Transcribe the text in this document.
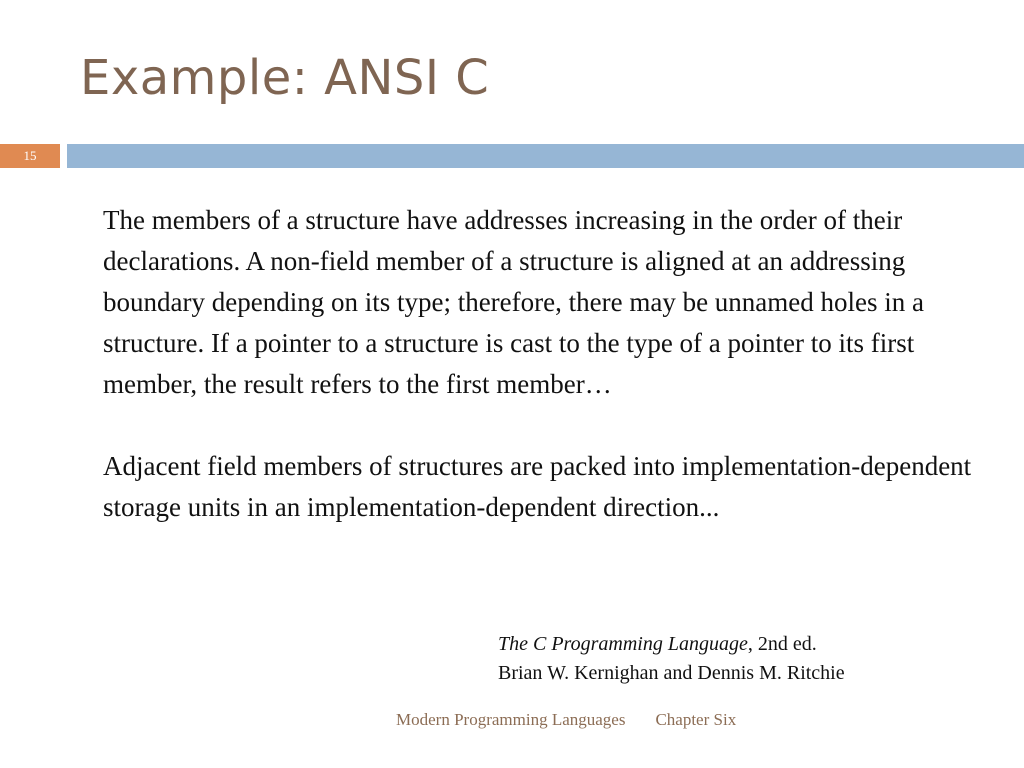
Example: ANSI C
15

The members of a structure have addresses increasing in the order of their declarations. A non-field member of a structure is aligned at an addressing boundary depending on its type; therefore, there may be unnamed holes in a structure. If a pointer to a structure is cast to the type of a pointer to its first member, the result refers to the first member…

Adjacent field members of structures are packed into implementation-dependent storage units in an implementation-dependent direction...

The C Programming Language, 2nd ed.
Brian W. Kernighan and Dennis M. Ritchie
Modern Programming Languages Chapter Six
